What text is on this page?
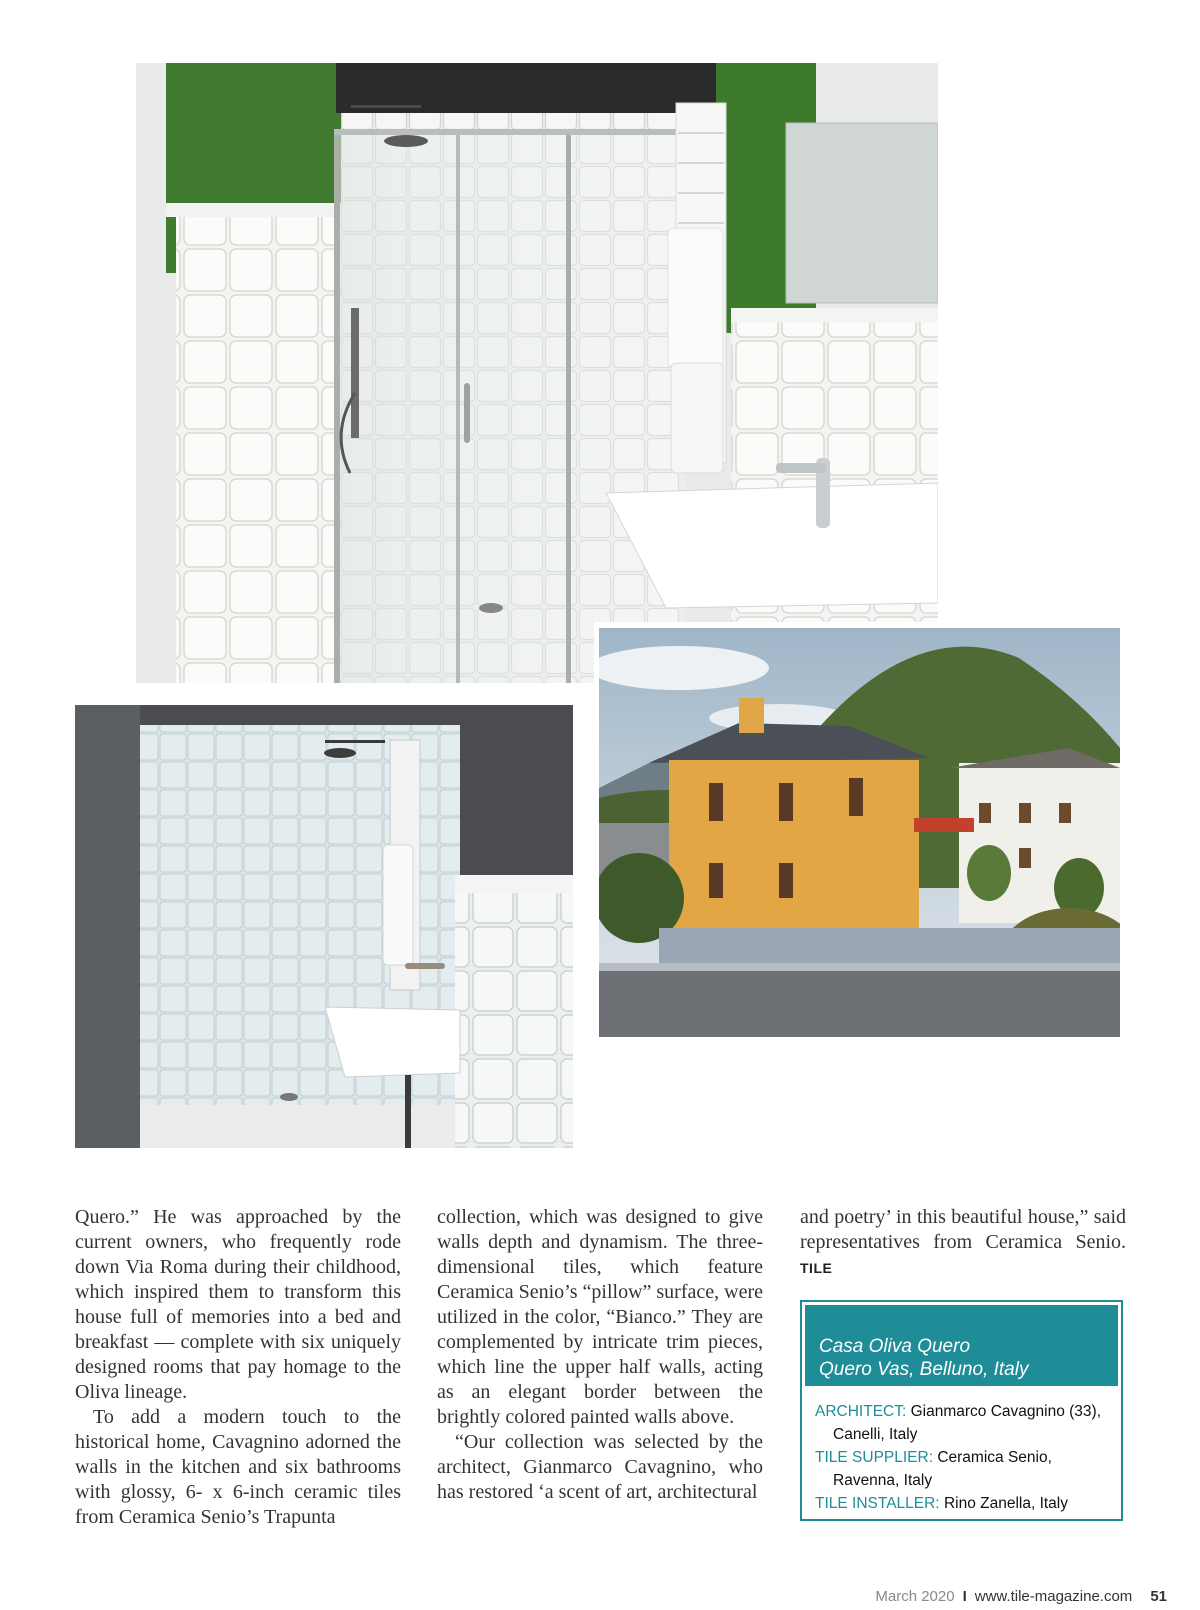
Quero.” He was approached by the current owners, who frequently rode down Via Roma during their childhood, which inspired them to transform this house full of memories into a bed and breakfast — complete with six uniquely designed rooms that pay homage to the Oliva lineage.

To add a modern touch to the historical home, Cavagnino adorned the walls in the kitchen and six bathrooms with glossy, 6- x 6-inch ceramic tiles from Ceramica Senio’s Trapunta

collection, which was designed to give walls depth and dynamism. The three-dimensional tiles, which feature Ceramica Senio’s “pillow” surface, were utilized in the color, “Bianco.” They are complemented by intricate trim pieces, which line the upper half walls, acting as an elegant border between the brightly colored painted walls above.

“Our collection was selected by the architect, Gianmarco Cavagnino, who has restored ‘a scent of art, architectural

and poetry’ in this beautiful house,” said representatives from Ceramica Senio. TILE

Casa Oliva Quero
Quero Vas, Belluno, Italy
ARCHITECT: Gianmarco Cavagnino (33), Canelli, Italy
TILE SUPPLIER: Ceramica Senio, Ravenna, Italy
TILE INSTALLER: Rino Zanella, Italy
March 2020 I www.tile-magazine.com 51
